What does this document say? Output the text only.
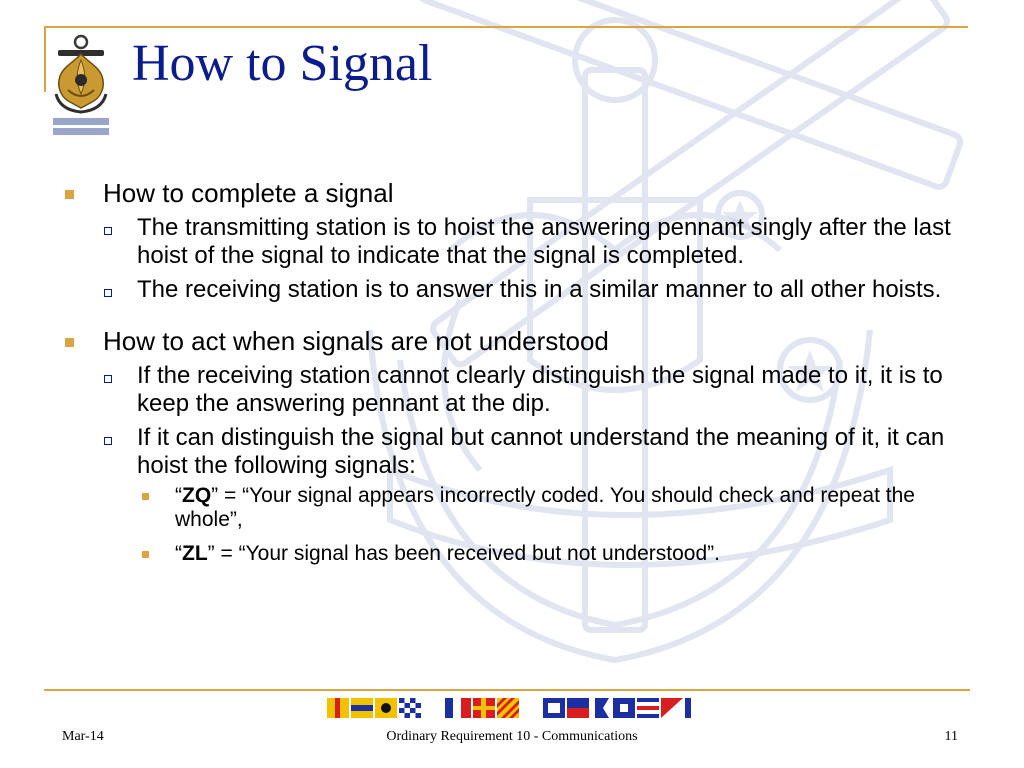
How to Signal
How to complete a signal
The transmitting station is to hoist the answering pennant singly after the last hoist of the signal to indicate that the signal is completed.
The receiving station is to answer this in a similar manner to all other hoists.
How to act when signals are not understood
If the receiving station cannot clearly distinguish the signal made to it, it is to keep the answering pennant at the dip.
If it can distinguish the signal but cannot understand the meaning of it, it can hoist the following signals:
“ZQ” = “Your signal appears incorrectly coded. You should check and repeat the whole”,
“ZL” = “Your signal has been received but not understood”.
Mar-14	Ordinary Requirement 10 - Communications	11
